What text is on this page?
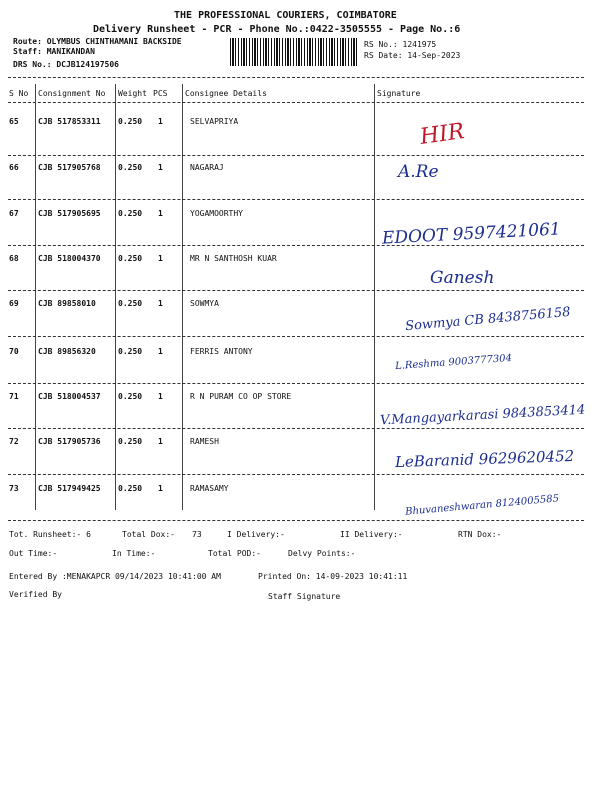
THE PROFESSIONAL COURIERS, COIMBATORE
Delivery Runsheet - PCR - Phone No.:0422-3505555 - Page No.:6
Route: OLYMBUS CHINTHAMANI BACKSIDE
Staff: MANIKANDAN
DRS No.: DCJB124197506
RS No.: 1241975
RS Date: 14-Sep-2023
S No Consignment No Weight PCS Consignee Details	Signature
65 CJB 517853311 0.250 1	SELVAPRIYA	HIR
66 CJB 517905768 0.250 1	NAGARAJ	A.Re
67 CJB 517905695 0.250 1	YOGAMOORTHY
EDOOT 9597421061
68 CJB 518004370 0.250 1	MR N SANTHOSH KUAR
Ganesh
69 CJB 89858010	0.250 1	SOWMYA
Sowmya CB 8438756158
70 CJB 89856320	0.250 1	FERRIS ANTONY
L.Reshma 9003777304
71 CJB 518004537 0.250 1	R N PURAM CO OP STORE
V.Mangayarkarasi 9843853414
72 CJB 517905736 0.250 1	RAMESH
LeBaranid 9629620452
73 CJB 517949425 0.250 1	RAMASAMY
Bhuvaneshwaran 8124005585
Tot. Runsheet:- 6	Total Dox:- 73	I Delivery:-	II Delivery:-	RTN Dox:-
Out Time:-	In Time:-	Total POD:-	Delvy Points:-
Entered By :MENAKAPCR 09/14/2023 10:41:00 AM	Printed On: 14-09-2023 10:41:11
Verified By	Staff Signature
